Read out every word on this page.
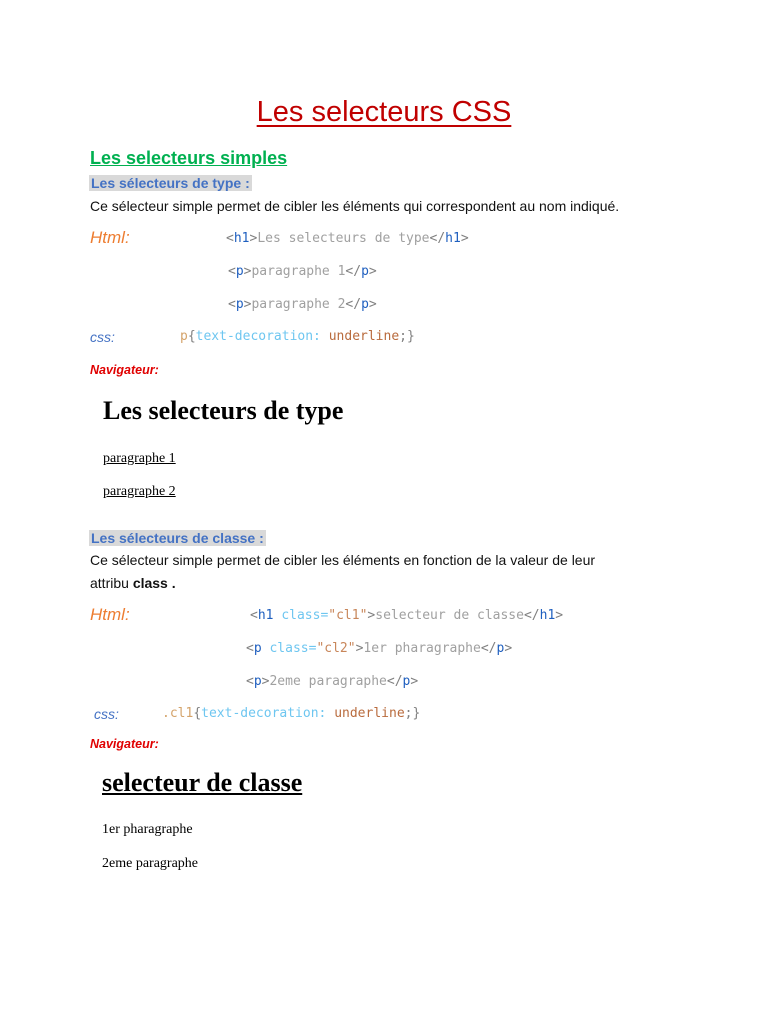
Les selecteurs CSS
Les selecteurs simples
Les sélecteurs de type :
Ce sélecteur simple permet de cibler les éléments qui correspondent au nom indiqué.
Html:	<h1>Les selecteurs de type</h1>
<p>paragraphe 1</p>
<p>paragraphe 2</p>
css:	p{text-decoration: underline;}
Navigateur:
Les selecteurs de type
paragraphe 1
paragraphe 2
Les sélecteurs de classe :
Ce sélecteur simple permet de cibler les éléments en fonction de la valeur de leur
attribu class .
Html:	<h1 class="cl1">selecteur de classe</h1>
<p class="cl2">1er pharagraphe</p>
<p>2eme paragraphe</p>
css:	.cl1{text-decoration: underline;}
Navigateur:
selecteur de classe
1er pharagraphe
2eme paragraphe
